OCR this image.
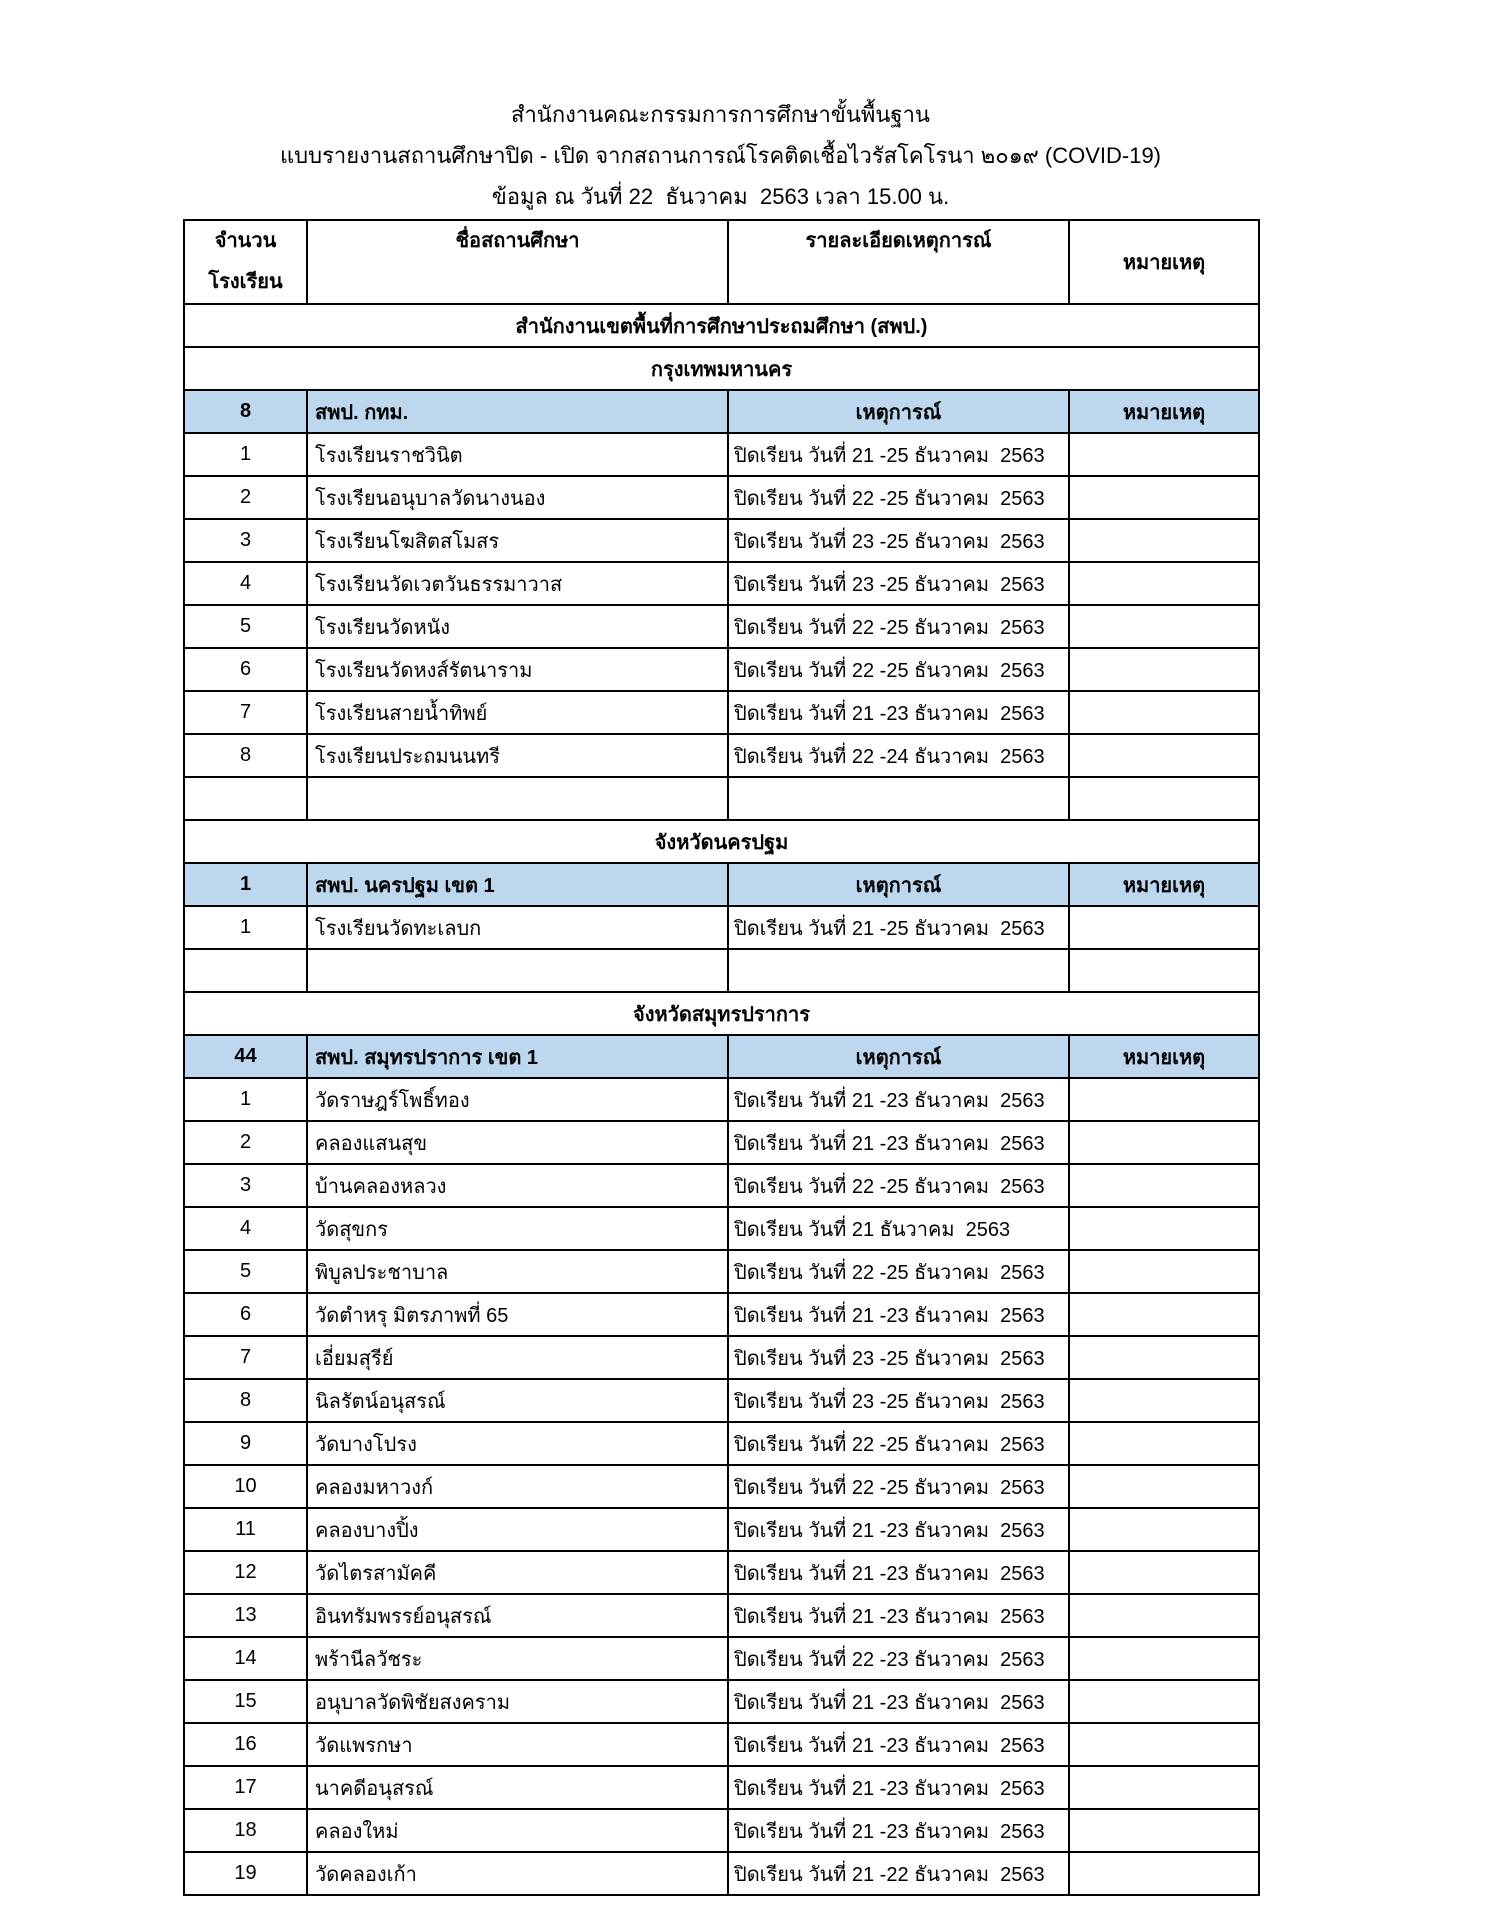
สำนักงานคณะกรรมการการศึกษาขั้นพื้นฐาน
แบบรายงานสถานศึกษาปิด - เปิด จากสถานการณ์โรคติดเชื้อไวรัสโคโรนา ๒๐๑๙ (COVID-19)
ข้อมูล ณ วันที่ 22  ธันวาคม  2563 เวลา 15.00 น.
จำนวน
โรงเรียน	ชื่อสถานศึกษา	รายละเอียดเหตุการณ์	หมายเหตุ
สำนักงานเขตพื้นที่การศึกษาประถมศึกษา (สพป.)			
กรุงเทพมหานคร			
8	สพป. กทม.	เหตุการณ์	หมายเหตุ
1	โรงเรียนราชวินิต	ปิดเรียน วันที่ 21 -25 ธันวาคม  2563	
2	โรงเรียนอนุบาลวัดนางนอง	ปิดเรียน วันที่ 22 -25 ธันวาคม  2563	
3	โรงเรียนโฆสิตสโมสร	ปิดเรียน วันที่ 23 -25 ธันวาคม  2563	
4	โรงเรียนวัดเวตวันธรรมาวาส	ปิดเรียน วันที่ 23 -25 ธันวาคม  2563	
5	โรงเรียนวัดหนัง	ปิดเรียน วันที่ 22 -25 ธันวาคม  2563	
6	โรงเรียนวัดหงส์รัตนาราม	ปิดเรียน วันที่ 22 -25 ธันวาคม  2563	
7	โรงเรียนสายน้ำทิพย์	ปิดเรียน วันที่ 21 -23 ธันวาคม  2563	
8	โรงเรียนประถมนนทรี	ปิดเรียน วันที่ 22 -24 ธันวาคม  2563	

จังหวัดนครปฐม			
1	สพป. นครปฐม เขต 1	เหตุการณ์	หมายเหตุ
1	โรงเรียนวัดทะเลบก	ปิดเรียน วันที่ 21 -25 ธันวาคม  2563	

จังหวัดสมุทรปราการ			
44	สพป. สมุทรปราการ เขต 1	เหตุการณ์	หมายเหตุ
1	วัดราษฎร์โพธิ์ทอง	ปิดเรียน วันที่ 21 -23 ธันวาคม  2563	
2	คลองแสนสุข	ปิดเรียน วันที่ 21 -23 ธันวาคม  2563	
3	บ้านคลองหลวง	ปิดเรียน วันที่ 22 -25 ธันวาคม  2563	
4	วัดสุขกร	ปิดเรียน วันที่ 21 ธันวาคม  2563	
5	พิบูลประชาบาล	ปิดเรียน วันที่ 22 -25 ธันวาคม  2563	
6	วัดตำหรุ มิตรภาพที่ 65	ปิดเรียน วันที่ 21 -23 ธันวาคม  2563	
7	เอี่ยมสุรีย์	ปิดเรียน วันที่ 23 -25 ธันวาคม  2563	
8	นิลรัตน์อนุสรณ์	ปิดเรียน วันที่ 23 -25 ธันวาคม  2563	
9	วัดบางโปรง	ปิดเรียน วันที่ 22 -25 ธันวาคม  2563	
10	คลองมหาวงก์	ปิดเรียน วันที่ 22 -25 ธันวาคม  2563	
11	คลองบางปิ้ง	ปิดเรียน วันที่ 21 -23 ธันวาคม  2563	
12	วัดไตรสามัคคี	ปิดเรียน วันที่ 21 -23 ธันวาคม  2563	
13	อินทรัมพรรย์อนุสรณ์	ปิดเรียน วันที่ 21 -23 ธันวาคม  2563	
14	พร้านีลวัชระ	ปิดเรียน วันที่ 22 -23 ธันวาคม  2563	
15	อนุบาลวัดพิชัยสงคราม	ปิดเรียน วันที่ 21 -23 ธันวาคม  2563	
16	วัดแพรกษา	ปิดเรียน วันที่ 21 -23 ธันวาคม  2563	
17	นาคดีอนุสรณ์	ปิดเรียน วันที่ 21 -23 ธันวาคม  2563	
18	คลองใหม่	ปิดเรียน วันที่ 21 -23 ธันวาคม  2563	
19	วัดคลองเก้า	ปิดเรียน วันที่ 21 -22 ธันวาคม  2563	
